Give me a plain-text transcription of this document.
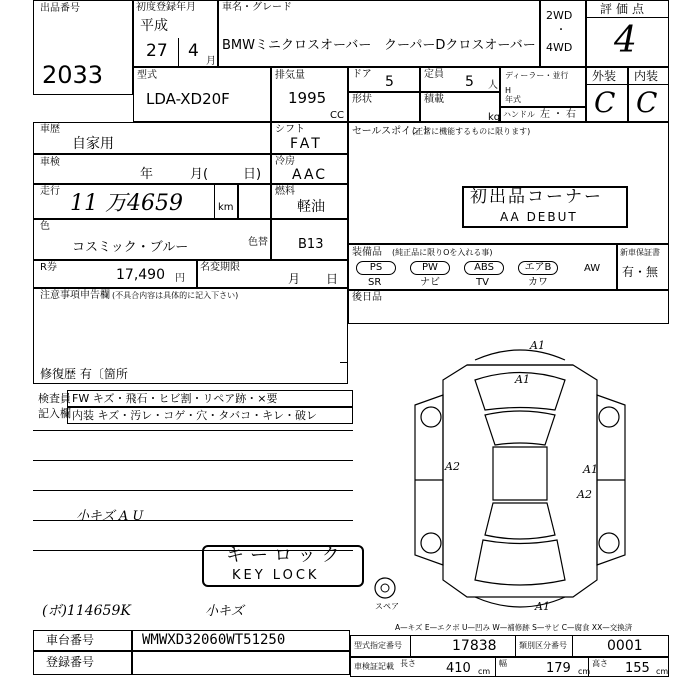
出品番号
2033
初度登録年月
平成
27 4
月
車名・グレード
BMWミニクロスオーバー クーパーDクロスオーバー
2WD
・
4WD
評価点
4
型式
LDA-XD20F
排気量
1995
CC
ドア 5	定員 5 人
ディーラー・並行
H
年式
形状	積載
kg ハンドル 左 ・ 右
外装
C
内装
C
車歴
自家用
シフト
FAT
車検
年	月(	日)
冷房
AAC
走行 11 万4659	km
燃料
軽油
色
コスミック・ブルー	色替 B13
R券	17,490 円
名変期限
月 日
注意事項申告欄 (不具合内容は具体的に記入下さい)
修復歴 有〔箇所
検査員
記入欄
FW キズ・飛石・ヒビ割・リペア跡・×要
内装 キズ・汚レ・コゲ・穴・タバコ・キレ・破レ
小キズ A U
セールスポイント
(正常に機能するものに限ります)
初出品コーナー
AA DEBUT
装備品 (純正品に限りOを入れる事)
PS	PW	ABS	エアB	AW
SR	ナビ	TV	カワ
新車保証書
有・無
後日品
A1
A1
A2	A1
A2
A1
キーロック
KEY LOCK
スペア
A—キズ E—エクボ U—凹み W—補修跡 S—サビ C—腐食 XX—交換済
(ボ)114659K	小キズ
車台番号	WMWXD32060WT51250
登録番号
型式指定番号	17838	類別区分番号	0001
車検証記載 長さ 410 cm
幅	179 cm
高さ 155 cm
